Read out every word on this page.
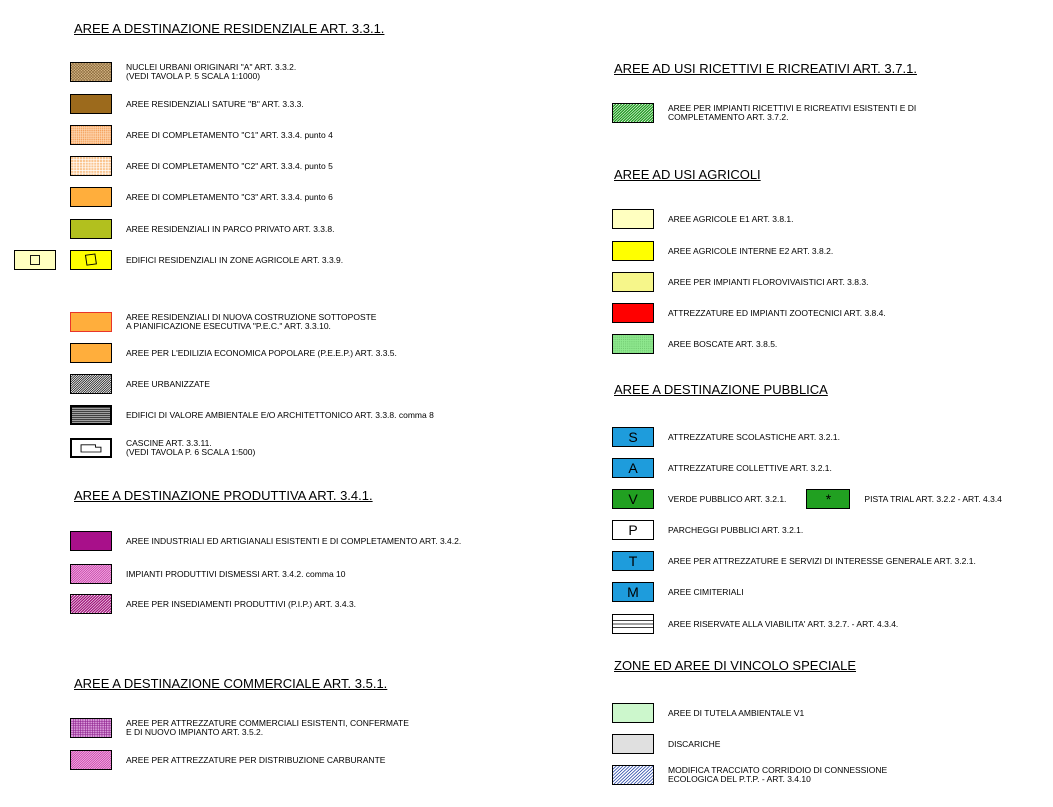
AREE A DESTINAZIONE RESIDENZIALE ART. 3.3.1.
AREE A DESTINAZIONE PRODUTTIVA ART. 3.4.1.
AREE A DESTINAZIONE COMMERCIALE ART. 3.5.1.
AREE AD USI RICETTIVI E RICREATIVI ART. 3.7.1.
AREE AD USI AGRICOLI
AREE A DESTINAZIONE PUBBLICA
ZONE ED AREE DI VINCOLO SPECIALE
NUCLEI URBANI ORIGINARI "A" ART. 3.3.2.
(VEDI TAVOLA P. 5 SCALA 1:1000)
AREE RESIDENZIALI SATURE "B" ART. 3.3.3.
AREE DI COMPLETAMENTO "C1" ART. 3.3.4. punto 4
AREE DI COMPLETAMENTO "C2" ART. 3.3.4. punto 5
AREE DI COMPLETAMENTO "C3" ART. 3.3.4. punto 6
AREE RESIDENZIALI IN PARCO PRIVATO ART. 3.3.8.
EDIFICI RESIDENZIALI IN ZONE AGRICOLE ART. 3.3.9.
AREE RESIDENZIALI DI NUOVA COSTRUZIONE SOTTOPOSTE
A PIANIFICAZIONE ESECUTIVA "P.E.C." ART. 3.3.10.
AREE PER L'EDILIZIA ECONOMICA POPOLARE (P.E.E.P.) ART. 3.3.5.
AREE URBANIZZATE
EDIFICI DI VALORE AMBIENTALE E/O ARCHITETTONICO ART. 3.3.8. comma 8
CASCINE ART. 3.3.11.
(VEDI TAVOLA P. 6 SCALA 1:500)
AREE INDUSTRIALI ED ARTIGIANALI ESISTENTI E DI COMPLETAMENTO ART. 3.4.2.
IMPIANTI PRODUTTIVI DISMESSI ART. 3.4.2. comma 10
AREE PER INSEDIAMENTI PRODUTTIVI (P.I.P.) ART. 3.4.3.
AREE PER ATTREZZATURE COMMERCIALI ESISTENTI, CONFERMATE
E DI NUOVO IMPIANTO ART. 3.5.2.
AREE PER ATTREZZATURE PER DISTRIBUZIONE CARBURANTE
AREE PER IMPIANTI RICETTIVI E RICREATIVI ESISTENTI E DI
COMPLETAMENTO ART. 3.7.2.
AREE AGRICOLE E1 ART. 3.8.1.
AREE AGRICOLE INTERNE E2 ART. 3.8.2.
AREE PER IMPIANTI FLOROVIVAISTICI ART. 3.8.3.
ATTREZZATURE ED IMPIANTI ZOOTECNICI ART. 3.8.4.
AREE BOSCATE ART. 3.8.5.
S	ATTREZZATURE SCOLASTICHE ART. 3.2.1.
A	ATTREZZATURE COLLETTIVE ART. 3.2.1.
V	VERDE PUBBLICO ART. 3.2.1.	*	PISTA TRIAL ART. 3.2.2 - ART. 4.3.4
P	PARCHEGGI PUBBLICI ART. 3.2.1.
T	AREE PER ATTREZZATURE E SERVIZI DI INTERESSE GENERALE ART. 3.2.1.
M	AREE CIMITERIALI
AREE RISERVATE ALLA VIABILITA' ART. 3.2.7. - ART. 4.3.4.
AREE DI TUTELA AMBIENTALE V1
DISCARICHE
MODIFICA TRACCIATO CORRIDOIO DI CONNESSIONE
ECOLOGICA DEL P.T.P. - ART. 3.4.10
